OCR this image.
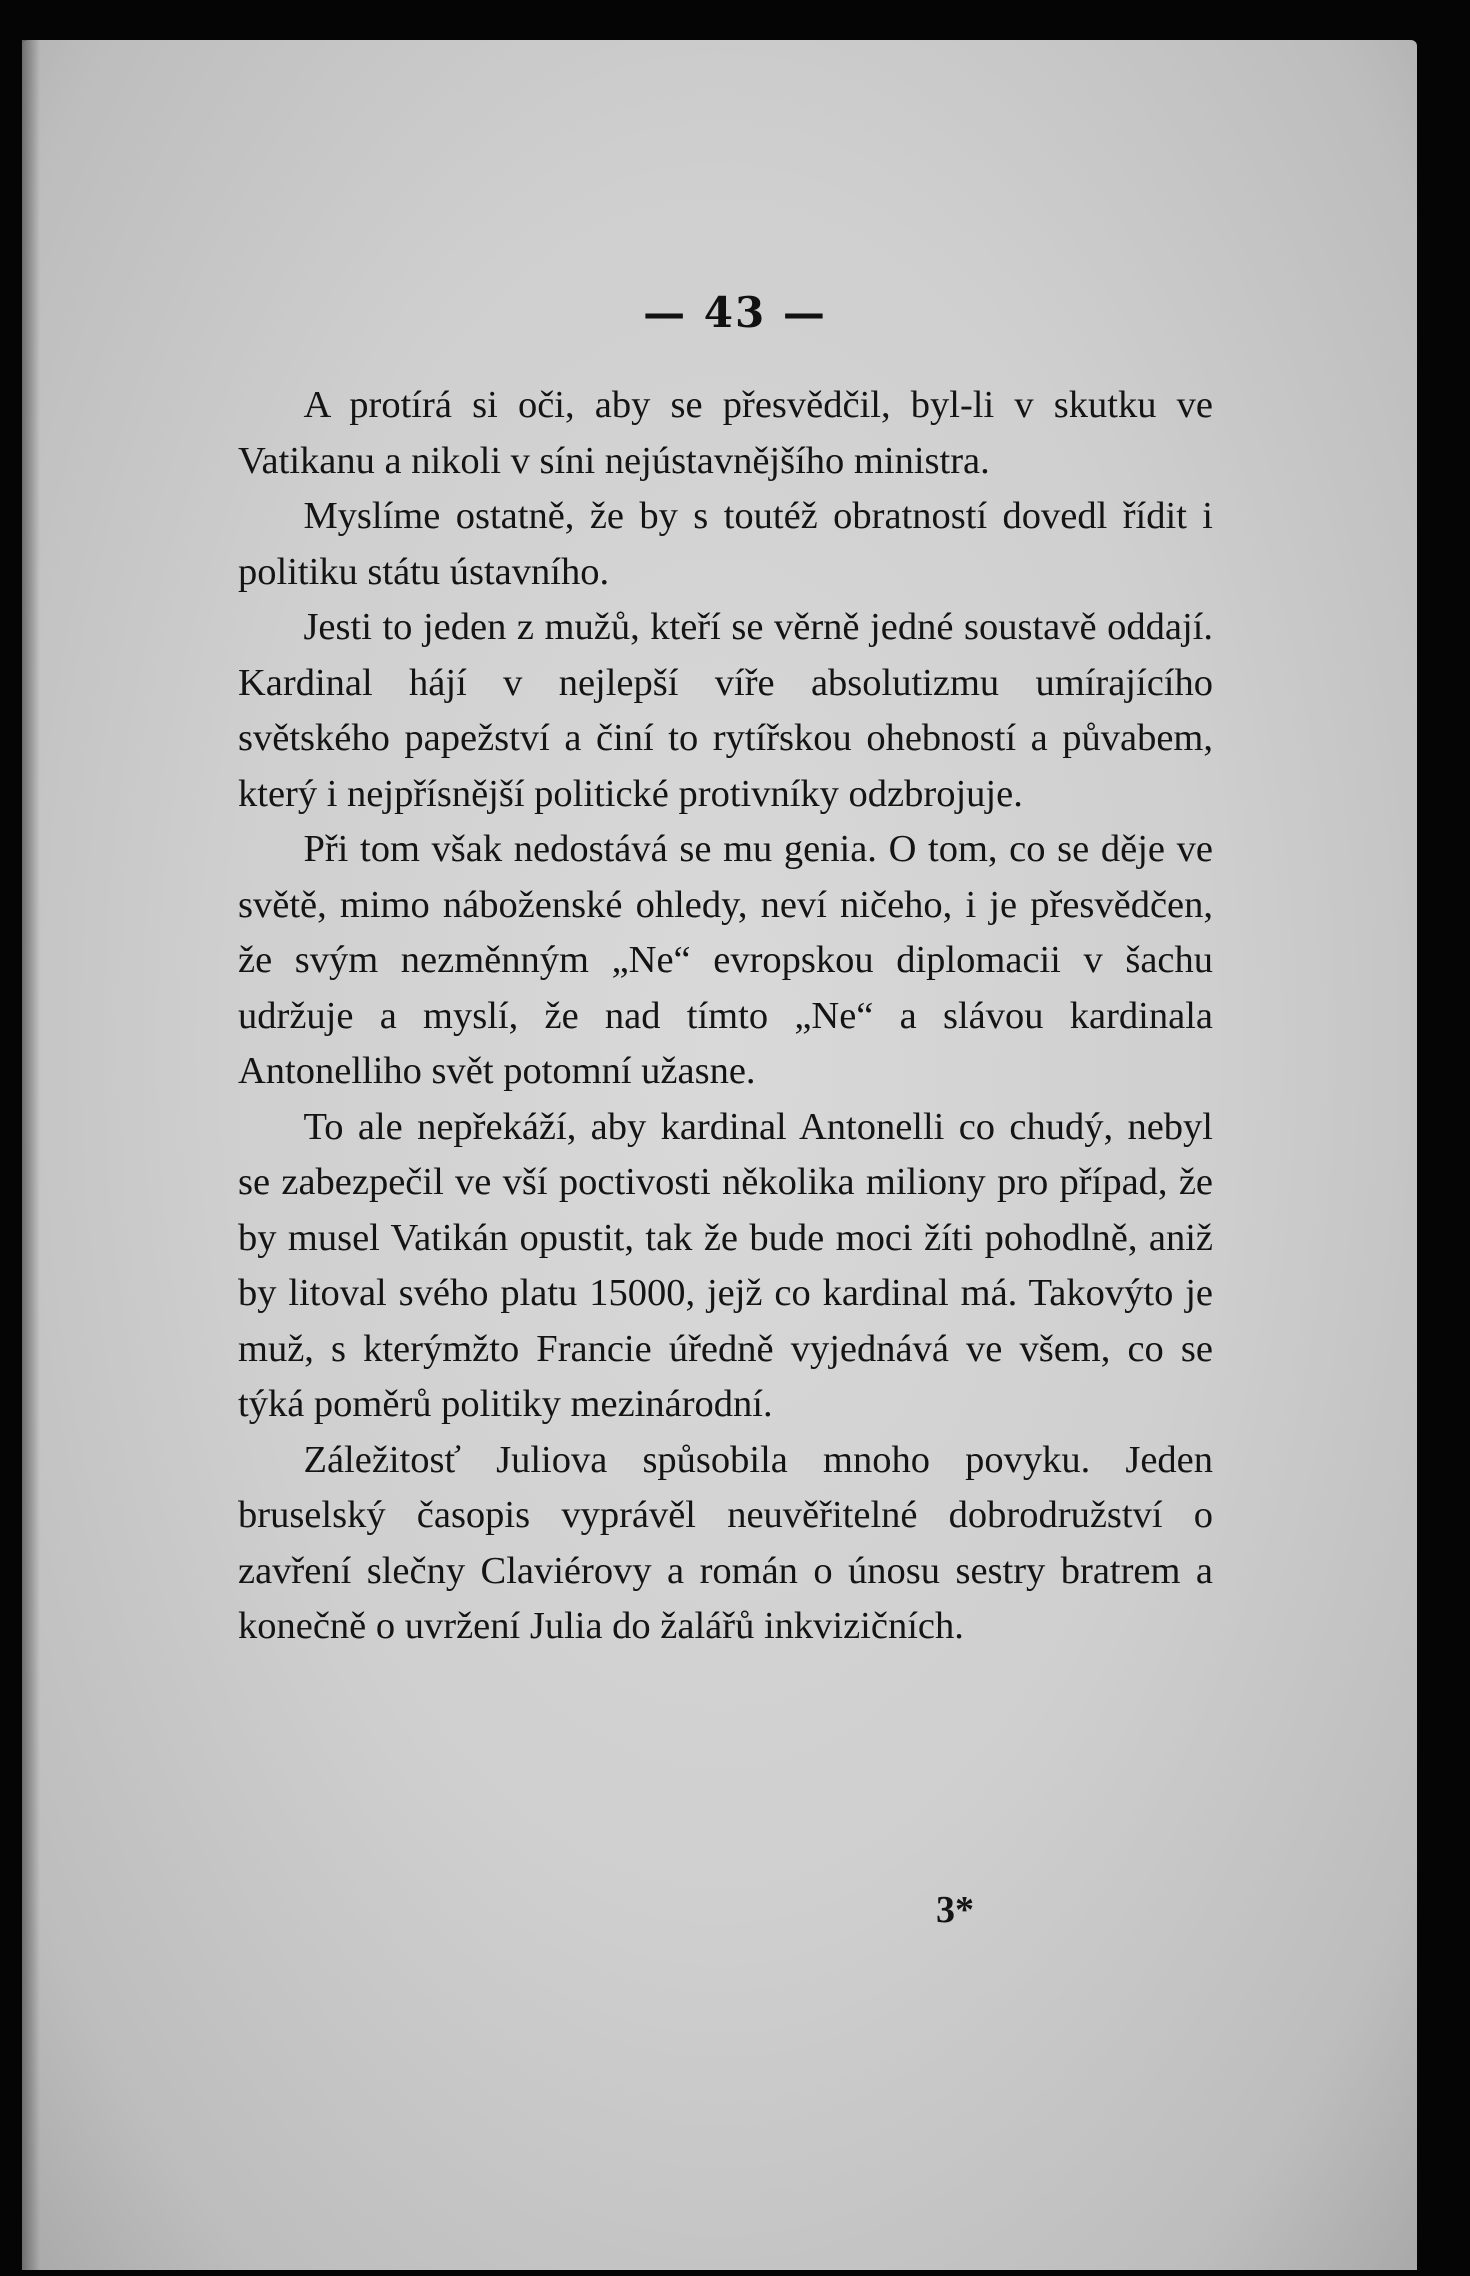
— 43 —

A protírá si oči, aby se přesvědčil, byl-li v skutku ve Vatikanu a nikoli v síni nejústavnějšího ministra.

Myslíme ostatně, že by s toutéž obratností dovedl řídit i politiku státu ústavního.

Jesti to jeden z mužů, kteří se věrně jedné soustavě oddají. Kardinal hájí v nejlepší víře absolutizmu umírajícího světského papežství a činí to rytířskou ohebností a půvabem, který i nejpřísnější politické protivníky odzbrojuje.

Při tom však nedostává se mu genia. O tom, co se děje ve světě, mimo náboženské ohledy, neví ničeho, i je přesvědčen, že svým nezměnným „Ne“ evropskou diplomacii v šachu udržuje a myslí, že nad tímto „Ne“ a slávou kardinala Antonelliho svět potomní užasne.

To ale nepřekáží, aby kardinal Antonelli co chudý, nebyl se zabezpečil ve vší poctivosti několika miliony pro případ, že by musel Vatikán opustit, tak že bude moci žíti pohodlně, aniž by litoval svého platu 15000, jejž co kardinal má. Takovýto je muž, s kterýmžto Francie úředně vyjednává ve všem, co se týká poměrů politiky mezinárodní.

Záležitosť Juliova spůsobila mnoho povyku. Jeden bruselský časopis vyprávěl neuvěřitelné dobrodružství o zavření slečny Claviérovy a román o únosu sestry bratrem a konečně o uvržení Julia do žalářů inkvizičních.

3*
